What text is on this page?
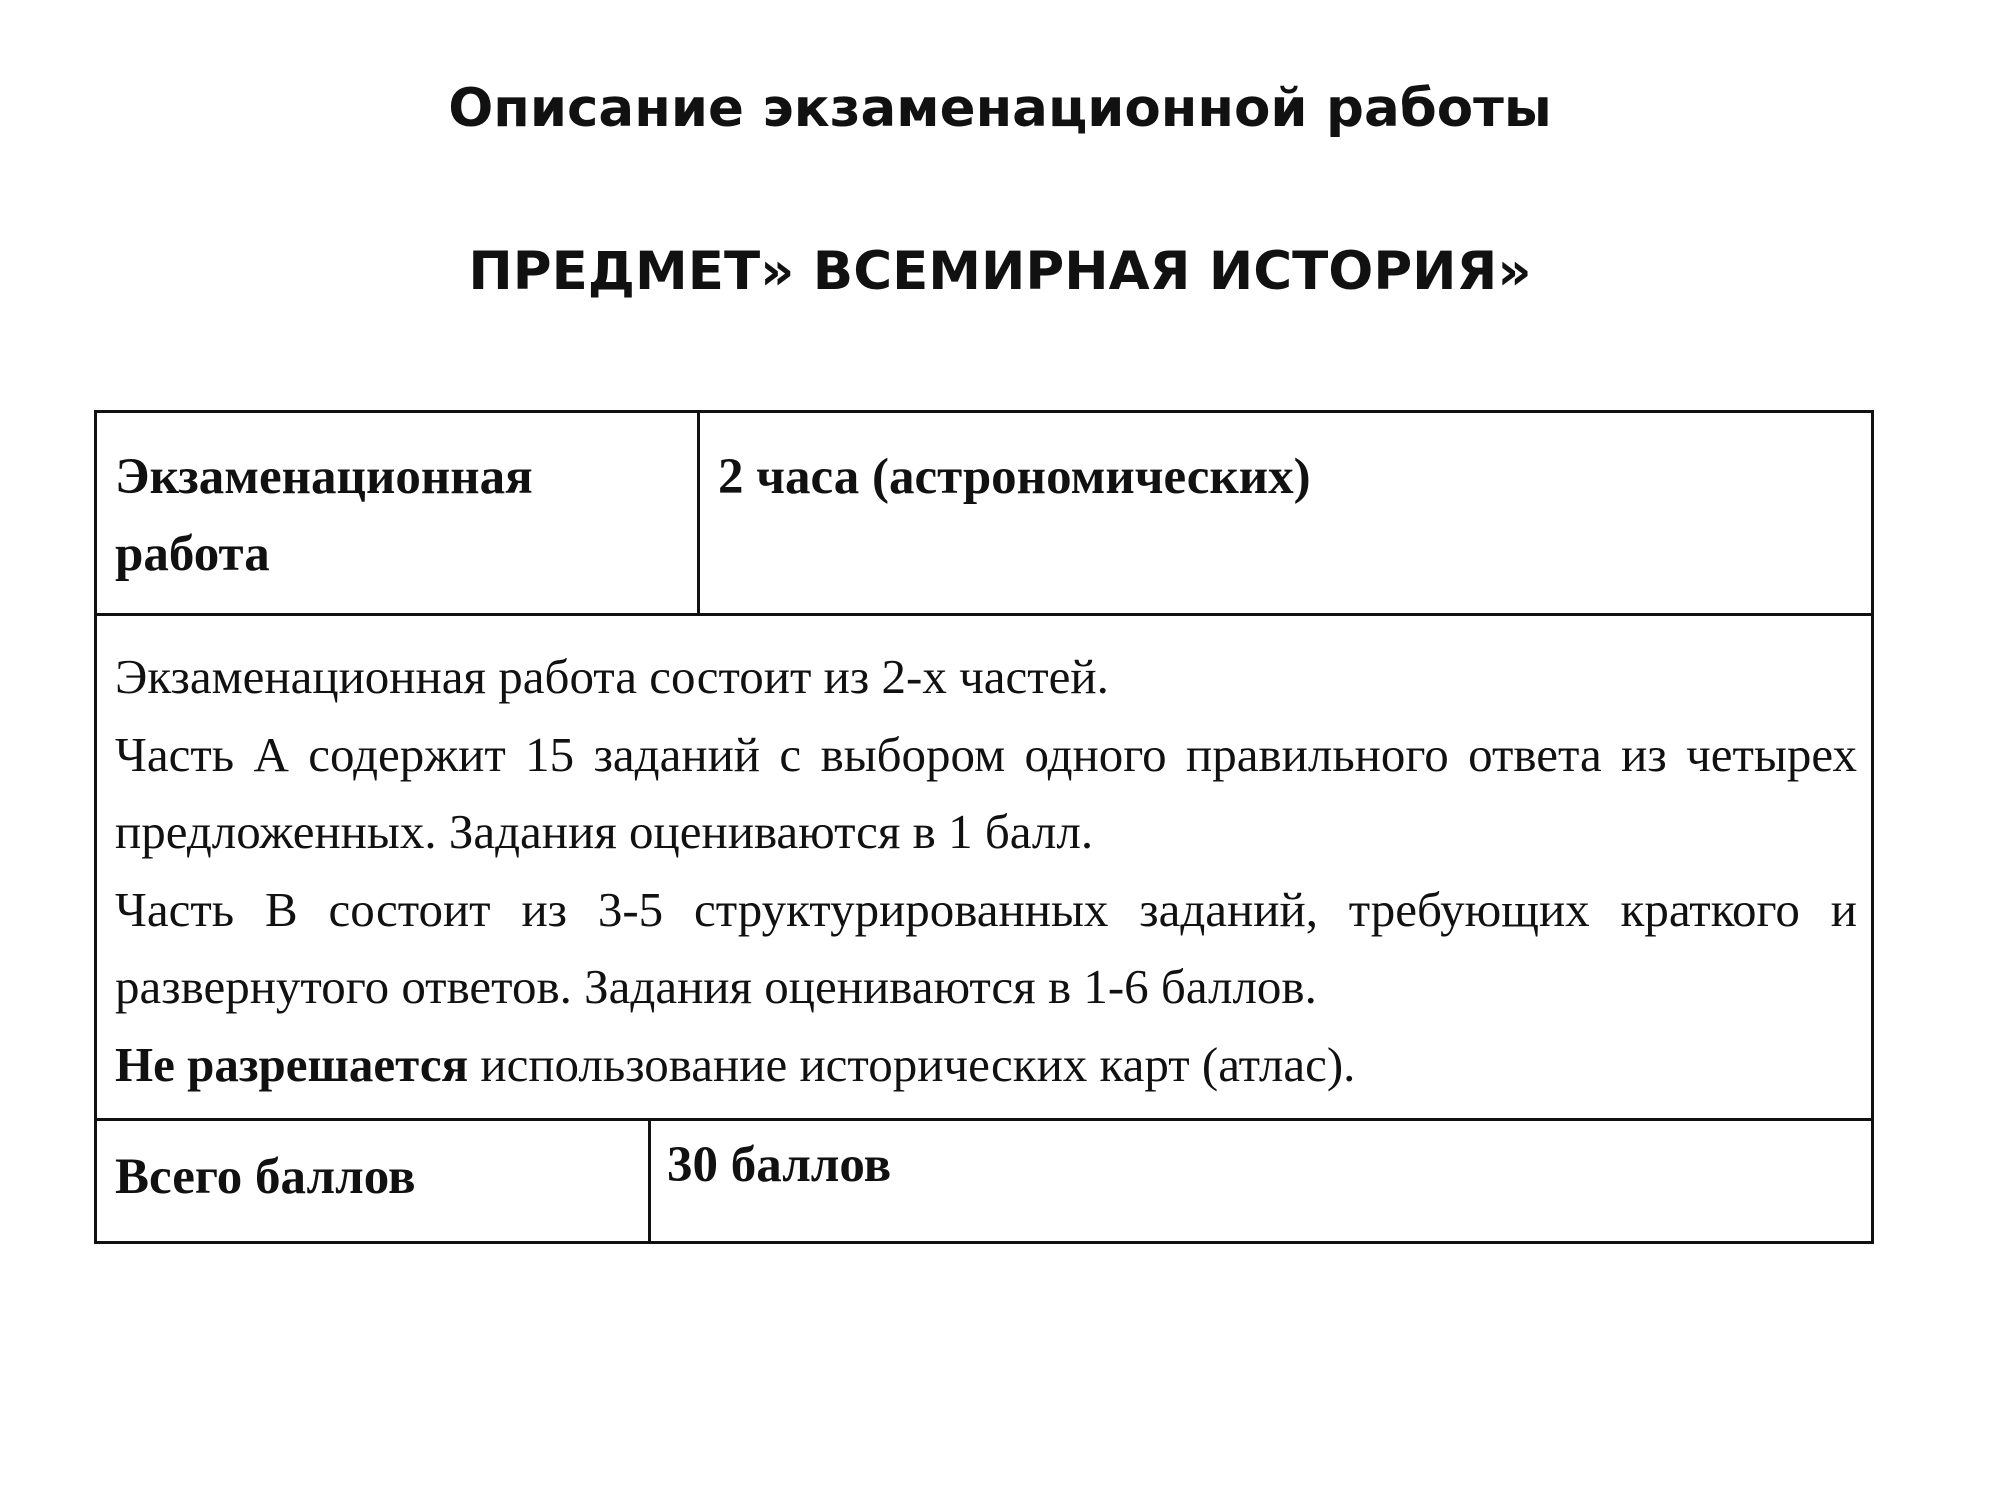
Описание экзаменационной работы
ПРЕДМЕТ» ВСЕМИРНАЯ ИСТОРИЯ»
Экзаменационная работа
2 часа (астрономических)

Экзаменационная работа состоит из 2-х частей.

Часть А содержит 15 заданий с выбором одного правильного ответа из четырех предложенных. Задания оцениваются в 1 балл.

Часть В состоит из 3-5 структурированных заданий, требующих краткого и развернутого ответов. Задания оцениваются в 1-6 баллов.

Не разрешается использование исторических карт (атлас).

Всего баллов	30 баллов
